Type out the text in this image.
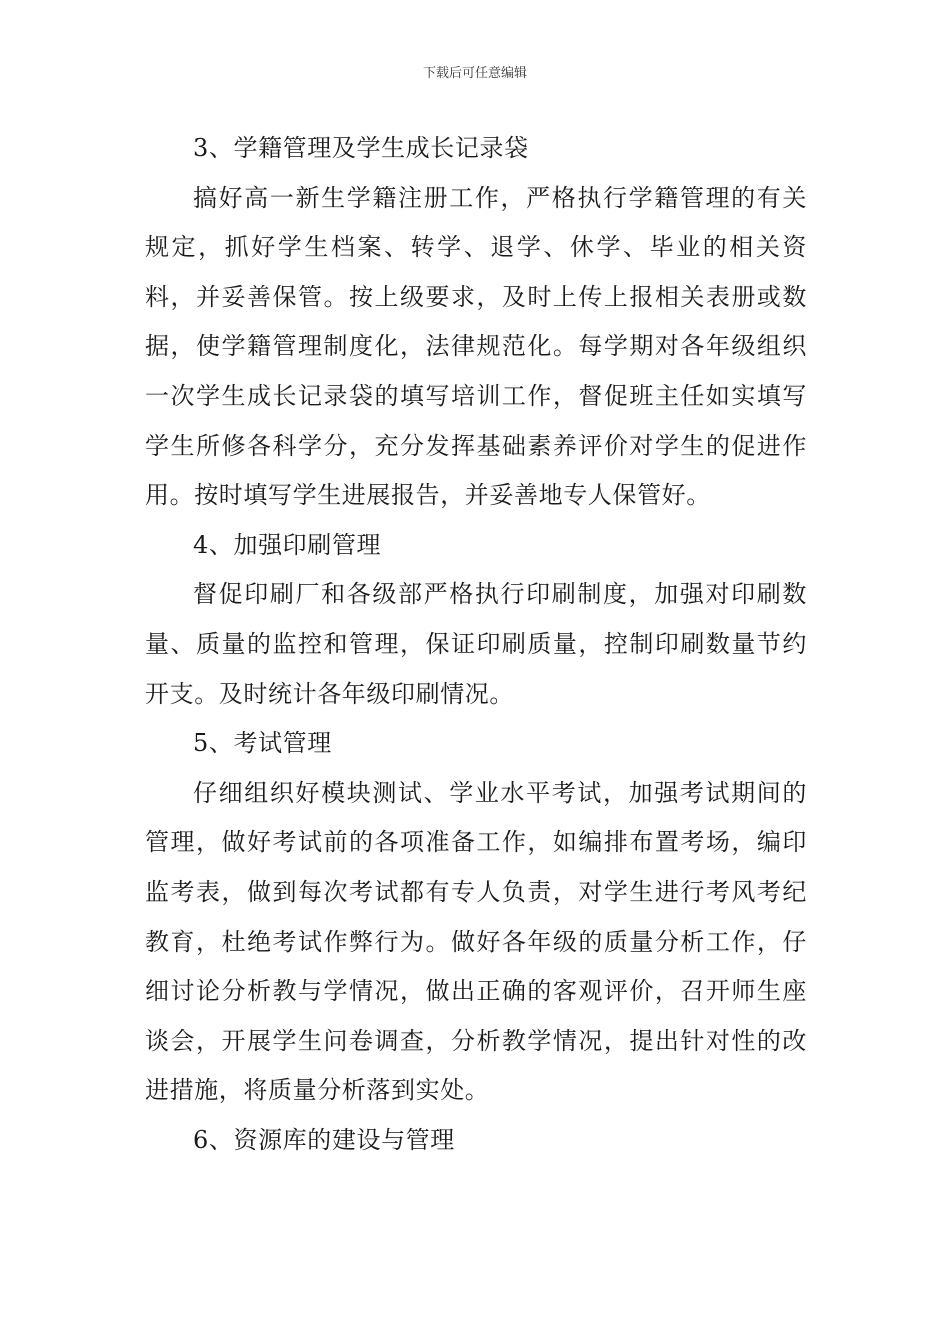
下载后可任意编辑

3、学籍管理及学生成长记录袋

搞好高一新生学籍注册工作，严格执行学籍管理的有关规定，抓好学生档案、转学、退学、休学、毕业的相关资料，并妥善保管。按上级要求，及时上传上报相关表册或数据，使学籍管理制度化，法律规范化。每学期对各年级组织一次学生成长记录袋的填写培训工作，督促班主任如实填写学生所修各科学分，充分发挥基础素养评价对学生的促进作用。按时填写学生进展报告，并妥善地专人保管好。

4、加强印刷管理

督促印刷厂和各级部严格执行印刷制度，加强对印刷数量、质量的监控和管理，保证印刷质量，控制印刷数量节约开支。及时统计各年级印刷情况。

5、考试管理

仔细组织好模块测试、学业水平考试，加强考试期间的管理，做好考试前的各项准备工作，如编排布置考场，编印监考表，做到每次考试都有专人负责，对学生进行考风考纪教育，杜绝考试作弊行为。做好各年级的质量分析工作，仔细讨论分析教与学情况，做出正确的客观评价，召开师生座谈会，开展学生问卷调查，分析教学情况，提出针对性的改进措施，将质量分析落到实处。

6、资源库的建设与管理
